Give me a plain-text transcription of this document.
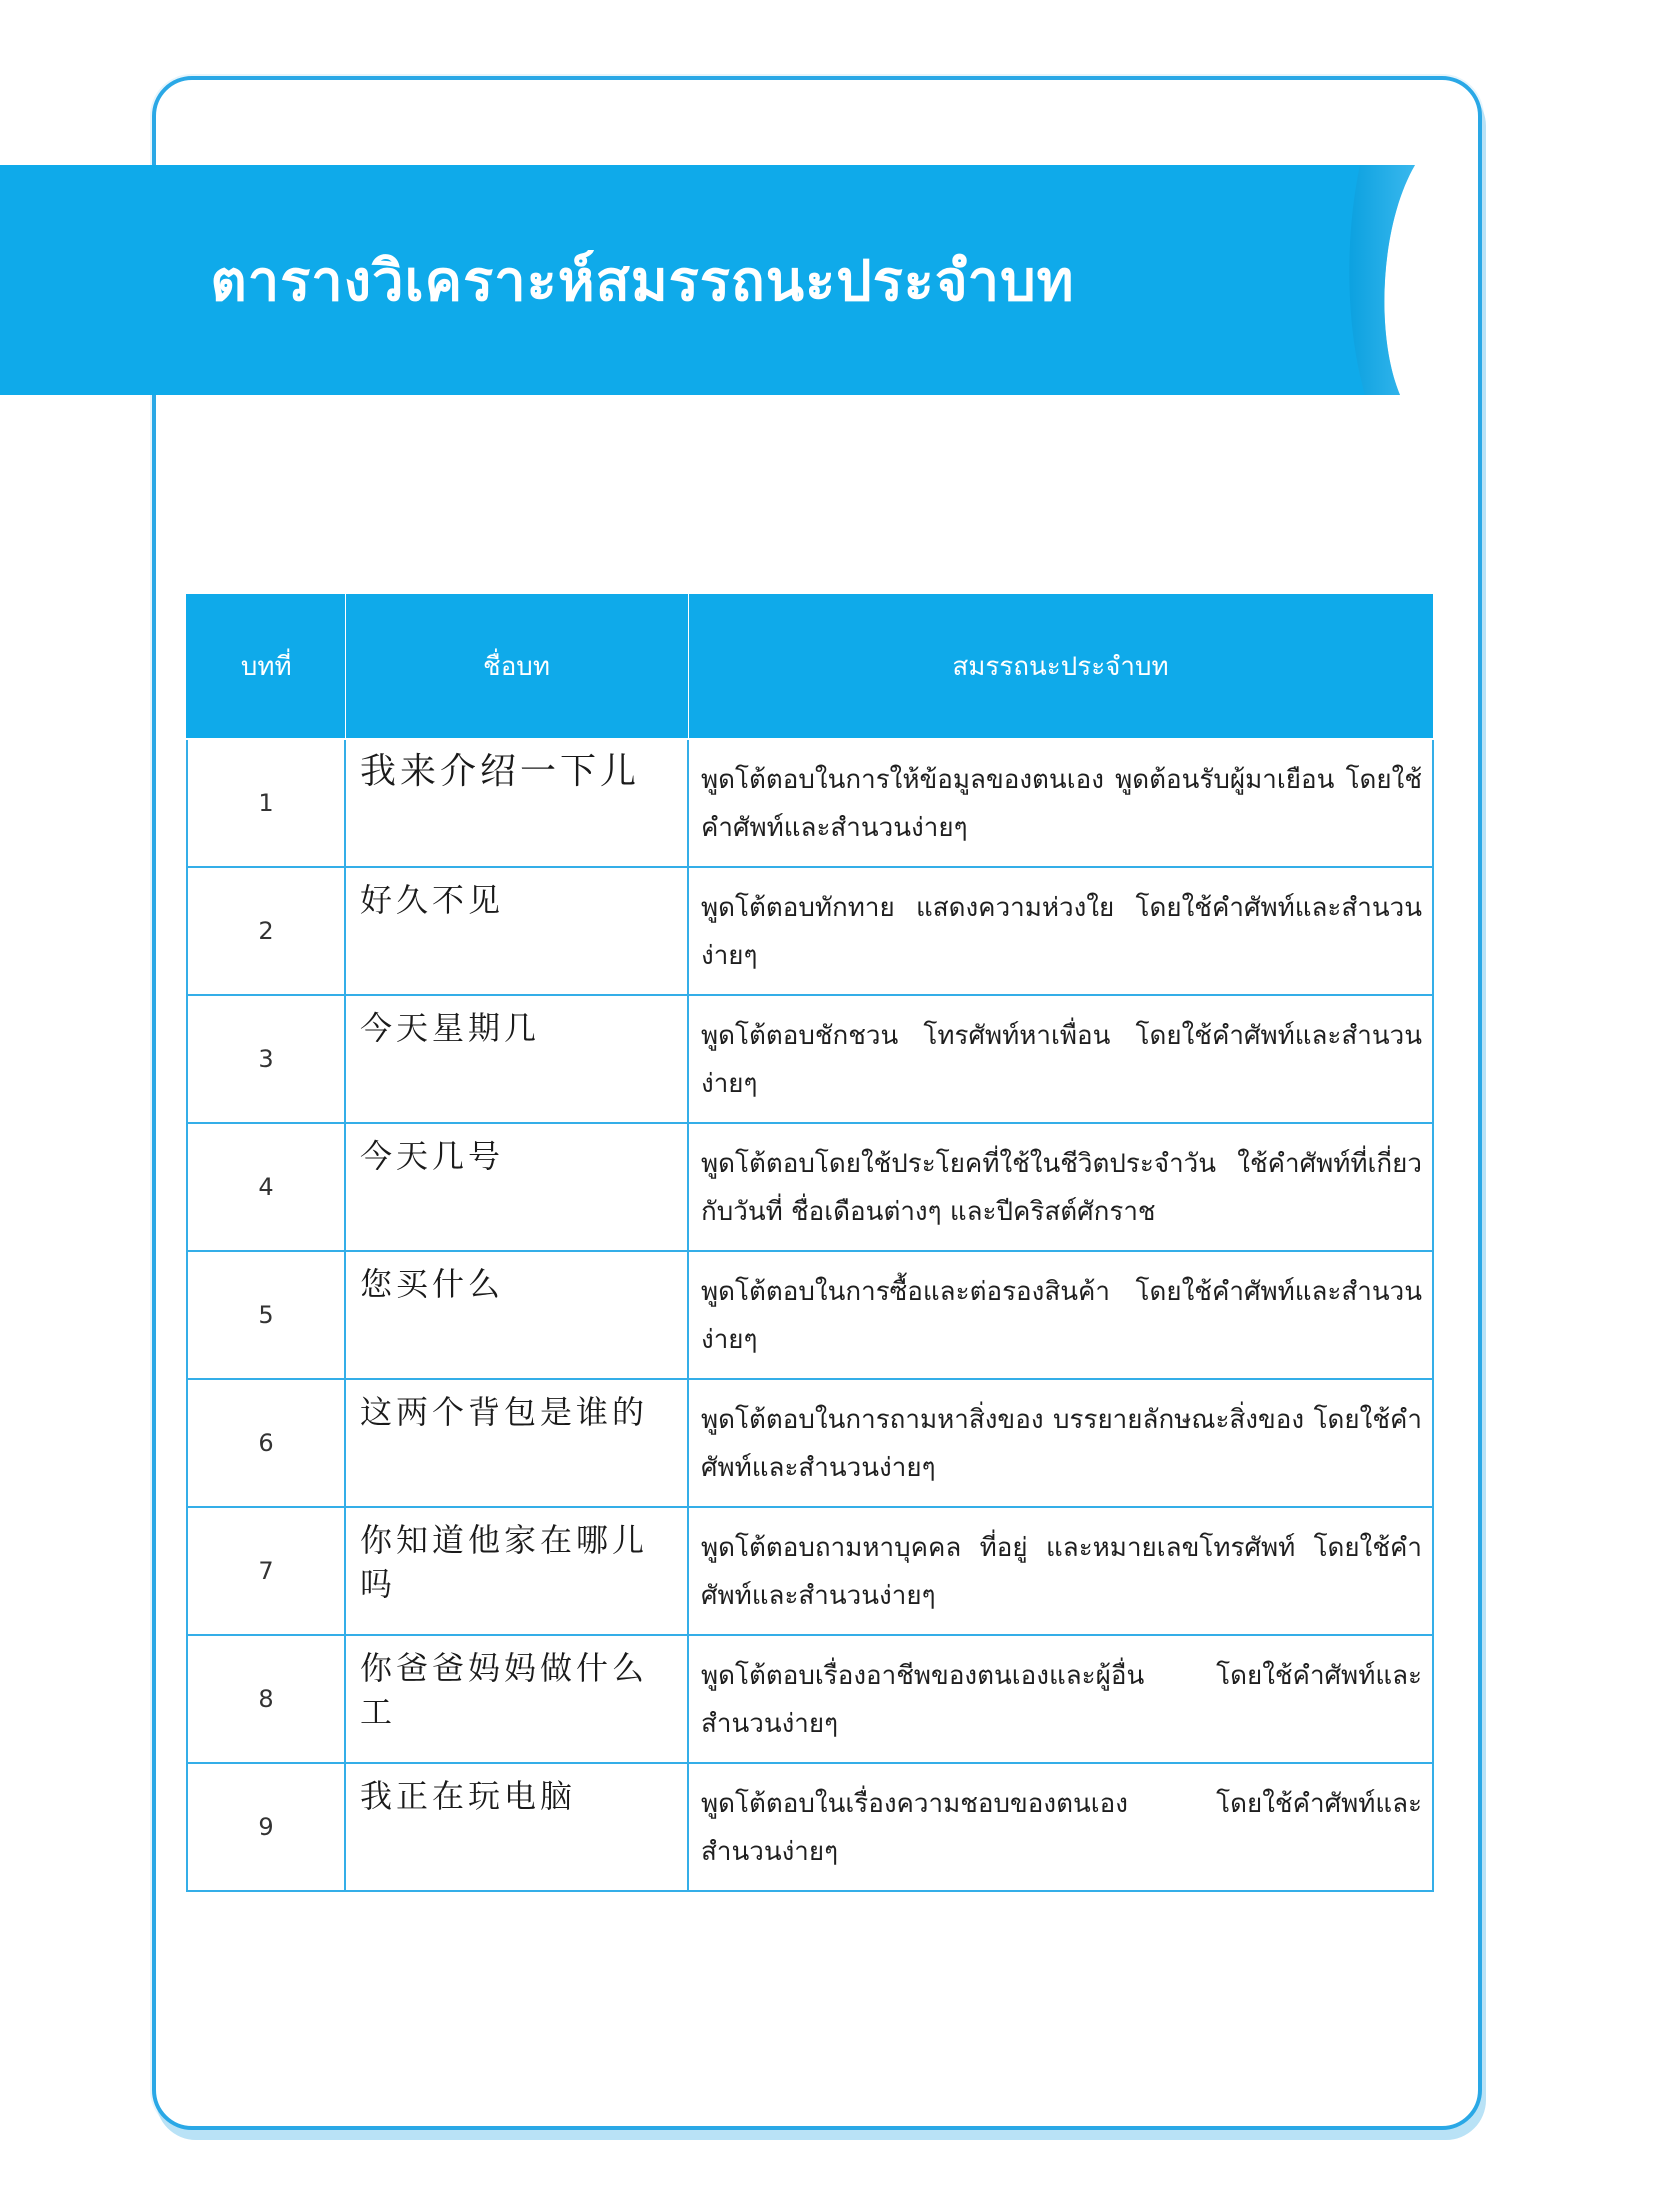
ตารางวิเคราะห์สมรรถนะประจำบท
บทที่	ชื่อบท	สมรรถนะประจำบท
1	我来介绍一下儿	พูดโต้ตอบในการให้ข้อมูลของตนเอง พูดต้อนรับผู้มาเยือน โดยใช้คำศัพท์และสำนวนง่ายๆ
2	好久不见	พูดโต้ตอบทักทาย แสดงความห่วงใย โดยใช้คำศัพท์และสำนวนง่ายๆ
3	今天星期几	พูดโต้ตอบชักชวน โทรศัพท์หาเพื่อน โดยใช้คำศัพท์และสำนวนง่ายๆ
4	今天几号	พูดโต้ตอบโดยใช้ประโยคที่ใช้ในชีวิตประจำวัน ใช้คำศัพท์ที่เกี่ยวกับวันที่ ชื่อเดือนต่างๆ และปีคริสต์ศักราช
5	您买什么	พูดโต้ตอบในการซื้อและต่อรองสินค้า โดยใช้คำศัพท์และสำนวนง่ายๆ
6	这两个背包是谁的	พูดโต้ตอบในการถามหาสิ่งของ บรรยายลักษณะสิ่งของ โดยใช้คำศัพท์และสำนวนง่ายๆ
7	你知道他家在哪儿吗	พูดโต้ตอบถามหาบุคคล ที่อยู่ และหมายเลขโทรศัพท์ โดยใช้คำศัพท์และสำนวนง่ายๆ
8	你爸爸妈妈做什么工	พูดโต้ตอบเรื่องอาชีพของตนเองและผู้อื่น โดยใช้คำศัพท์และสำนวนง่ายๆ
9	我正在玩电脑	พูดโต้ตอบในเรื่องความชอบของตนเอง โดยใช้คำศัพท์และสำนวนง่ายๆ
